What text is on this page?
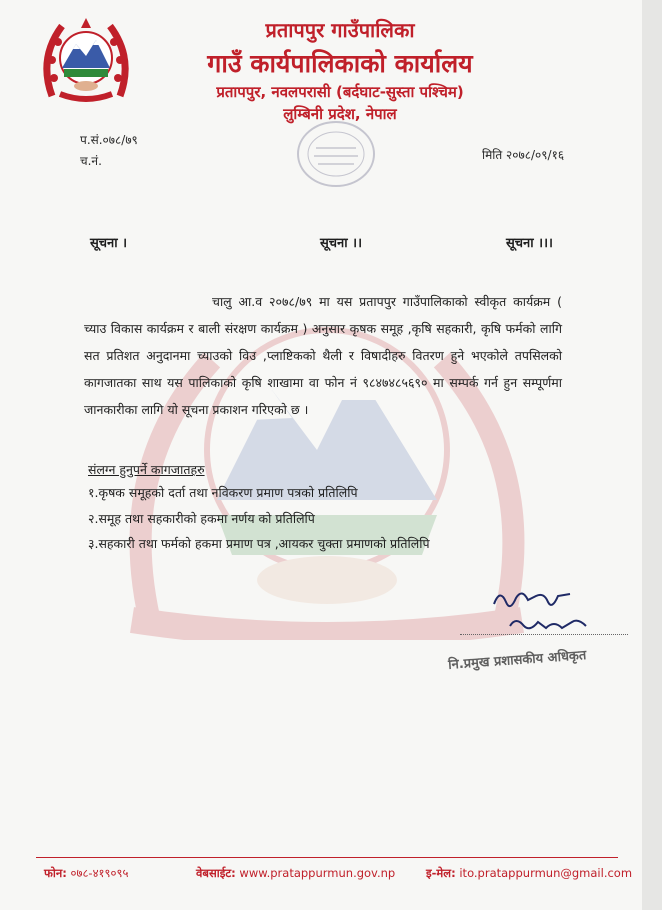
प्रतापपुर गाउँपालिका
गाउँ कार्यपालिकाको कार्यालय
प्रतापपुर, नवलपरासी (बर्दघाट-सुस्ता पश्चिम)
लुम्बिनी प्रदेश, नेपाल
प.सं.०७८/७९
च.नं.	मिति २०७८/०९/१६
सूचना ।	सूचना ।।	सूचना ।।।

चालु आ.व २०७८/७९ मा यस प्रतापपुर गाउँपालिकाको स्वीकृत कार्यक्रम ( च्याउ विकास कार्यक्रम र बाली संरक्षण कार्यक्रम ) अनुसार कृषक समूह ,कृषि सहकारी, कृषि फर्मको लागि सत प्रतिशत अनुदानमा च्याउको विउ ,प्लाष्टिकको थैली र विषादीहरु वितरण हुने भएकोले तपसिलको कागजातका साथ यस पालिकाको कृषि शाखामा वा फोन नं ९८४७४८५६९० मा सम्पर्क गर्न हुन सम्पूर्णमा जानकारीका लागि यो सूचना प्रकाशन गरिएको छ ।

संलग्न हुनुपर्ने कागजातहरु
१.कृषक समूहको दर्ता तथा नविकरण प्रमाण पत्रको प्रतिलिपि
२.समूह तथा सहकारीको हकमा नर्णय को प्रतिलिपि
३.सहकारी तथा फर्मको हकमा प्रमाण पत्र ,आयकर चुक्ता प्रमाणको प्रतिलिपि
नि.प्रमुख प्रशासकीय अधिकृत
फोन: ०७८-४१९०९५	वेबसाईट: www.pratappurmun.gov.np	इ-मेल: ito.pratappurmun@gmail.com
